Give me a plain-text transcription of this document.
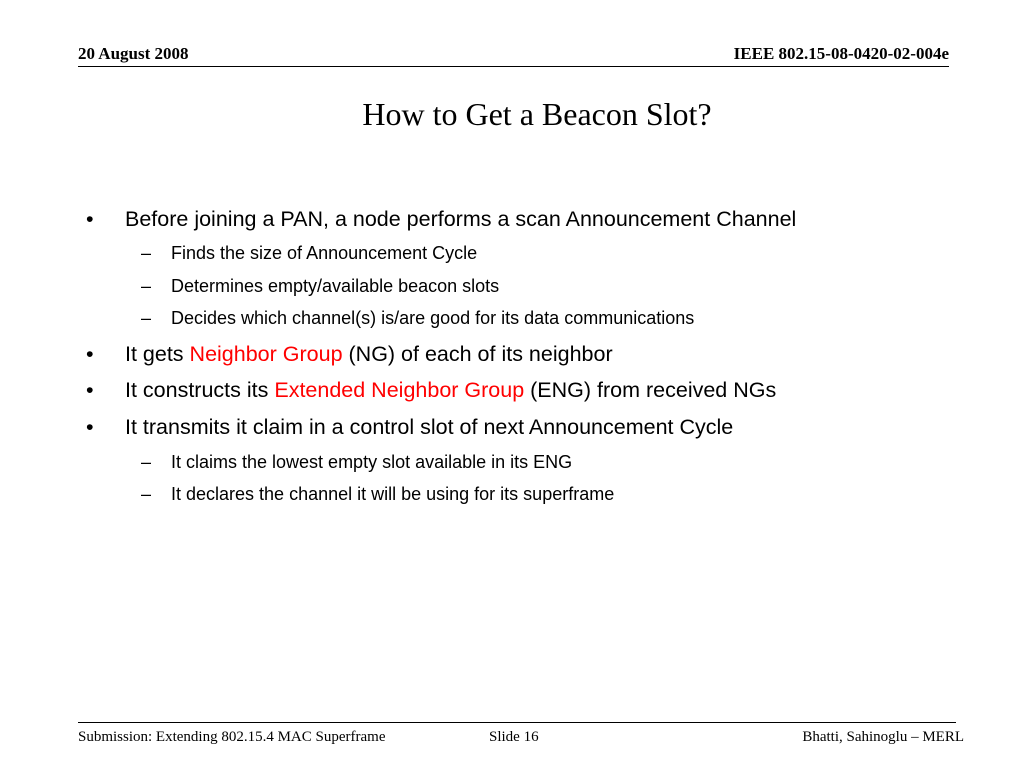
20 August 2008	IEEE 802.15-08-0420-02-004e
How to Get a Beacon Slot?
• Before joining a PAN, a node performs a scan Announcement Channel
– Finds the size of Announcement Cycle
– Determines empty/available beacon slots
– Decides which channel(s) is/are good for its data communications
• It gets Neighbor Group (NG) of each of its neighbor
• It constructs its Extended Neighbor Group (ENG) from received NGs
• It transmits it claim in a control slot of next Announcement Cycle
– It claims the lowest empty slot available in its ENG
– It declares the channel it will be using for its superframe
Submission: Extending 802.15.4 MAC Superframe	Slide 16	Bhatti, Sahinoglu – MERL
